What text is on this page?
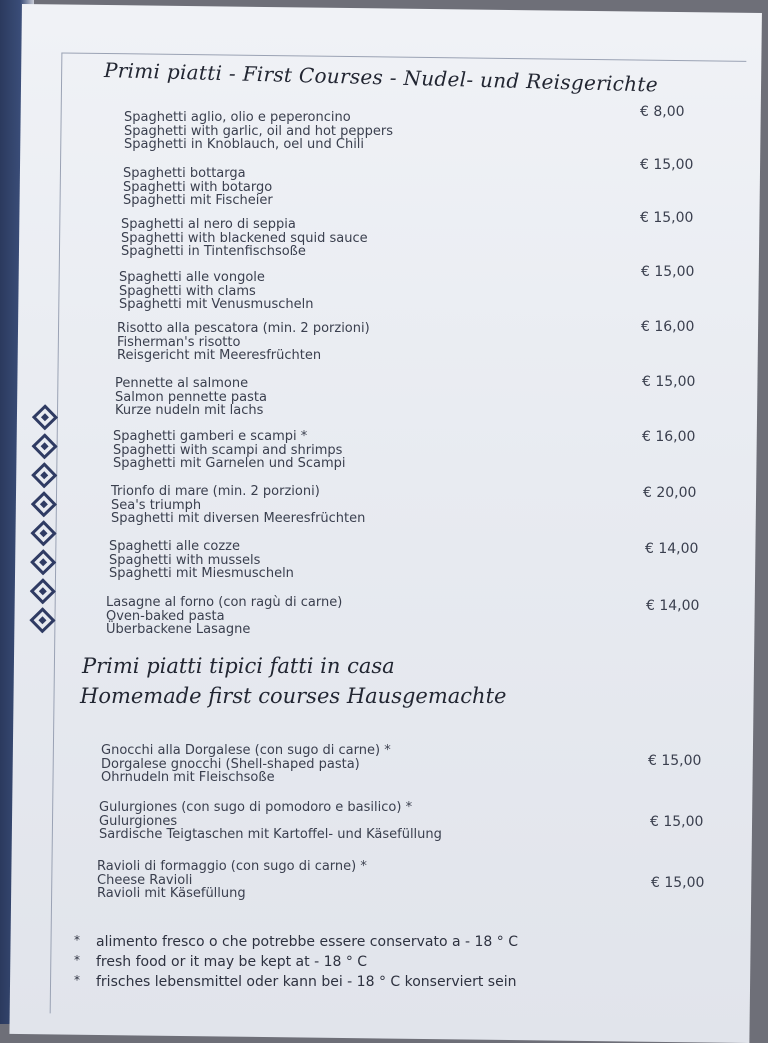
Primi piatti - First Courses - Nudel- und Reisgerichte
Spaghetti aglio, olio e peperoncino
Spaghetti with garlic, oil and hot peppers
Spaghetti in Knoblauch, oel und Chili
€ 8,00
Spaghetti bottarga
Spaghetti with botargo
Spaghetti mit Fischeier
€ 15,00
Spaghetti al nero di seppia
Spaghetti with blackened squid sauce
Spaghetti in Tintenfischsoße
€ 15,00
Spaghetti alle vongole
Spaghetti with clams
Spaghetti mit Venusmuscheln
€ 15,00
Risotto alla pescatora (min. 2 porzioni)
Fisherman's risotto
Reisgericht mit Meeresfrüchten
€ 16,00
Pennette al salmone
Salmon pennette pasta
Kurze nudeln mit lachs
€ 15,00
Spaghetti gamberi e scampi *
Spaghetti with scampi and shrimps
Spaghetti mit Garnelen und Scampi
€ 16,00
Trionfo di mare (min. 2 porzioni)
Sea's triumph
Spaghetti mit diversen Meeresfrüchten
€ 20,00
Spaghetti alle cozze
Spaghetti with mussels
Spaghetti mit Miesmuscheln
€ 14,00
Lasagne al forno (con ragù di carne)
Oven-baked pasta
Überbackene Lasagne
€ 14,00
Primi piatti tipici fatti in casa
Homemade first courses Hausgemachte
Gnocchi alla Dorgalese (con sugo di carne) *
Dorgalese gnocchi (Shell-shaped pasta)
Ohrnudeln mit Fleischsoße
€ 15,00
Gulurgiones (con sugo di pomodoro e basilico) *
Gulurgiones
Sardische Teigtaschen mit Kartoffel- und Käsefüllung
€ 15,00
Ravioli di formaggio (con sugo di carne) *
Cheese Ravioli
Ravioli mit Käsefüllung
€ 15,00
* alimento fresco o che potrebbe essere conservato a - 18 ° C
* fresh food or it may be kept at - 18 ° C
* frisches lebensmittel oder kann bei - 18 ° C konserviert sein
